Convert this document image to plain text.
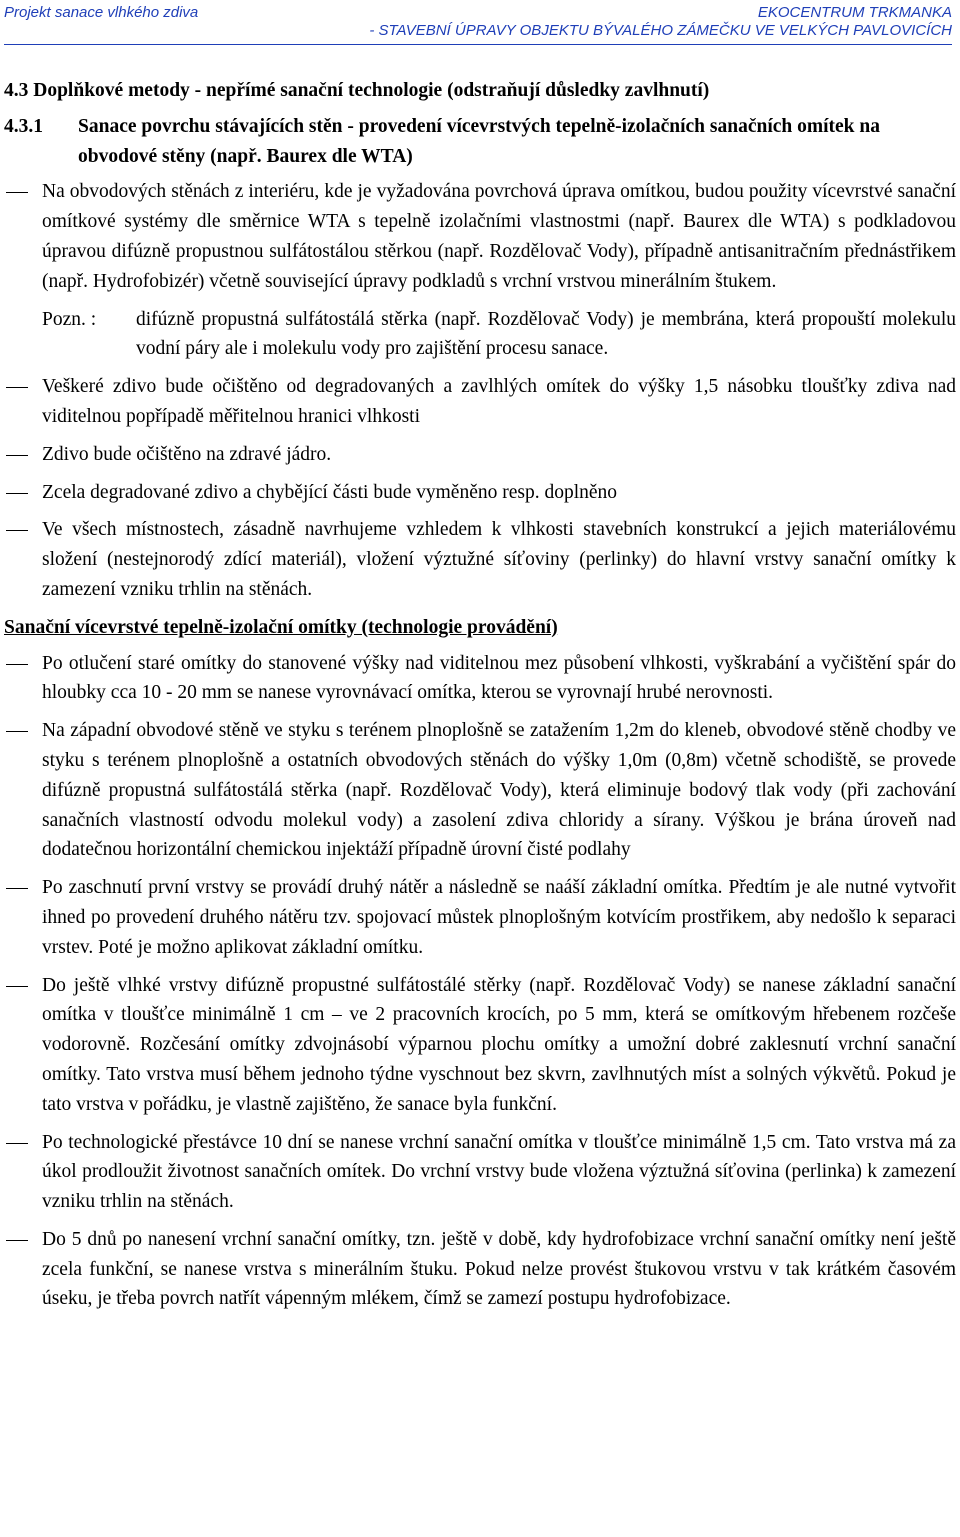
Projekt sanace vlhkého zdiva	EKOCENTRUM TRKMANKA
- STAVEBNÍ ÚPRAVY OBJEKTU BÝVALÉHO ZÁMEČKU VE VELKÝCH PAVLOVICÍCH
4.3 Doplňkové metody - nepřímé sanační technologie (odstraňují důsledky zavlhnutí)
4.3.1	Sanace povrchu stávajících stěn - provedení vícevrstvých tepelně-izolačních sanačních omítek na obvodové stěny (např. Baurex dle WTA)

Na obvodových stěnách z interiéru, kde je vyžadována povrchová úprava omítkou, budou použity vícevrstvé sanační omítkové systémy dle směrnice WTA s tepelně izolačními vlastnostmi (např. Baurex dle WTA) s podkladovou úpravou difúzně propustnou sulfátostálou stěrkou (např. Rozdělovač Vody), případně antisanitračním přednástřikem (např. Hydrofobizér) včetně související úpravy podkladů s vrchní vrstvou minerálním štukem.

Pozn. :	difúzně propustná sulfátostálá stěrka (např. Rozdělovač Vody) je membrána, která propouští molekulu vodní páry ale i molekulu vody pro zajištění procesu sanace.

Veškeré zdivo bude očištěno od degradovaných a zavlhlých omítek do výšky 1,5 násobku tloušťky zdiva nad viditelnou popřípadě měřitelnou hranici vlhkosti

Zdivo bude očištěno na zdravé jádro.

Zcela degradované zdivo a chybějící části bude vyměněno resp. doplněno

Ve všech místnostech, zásadně navrhujeme vzhledem k vlhkosti stavebních konstrukcí a jejich materiálovému složení (nestejnorodý zdící materiál), vložení výztužné síťoviny (perlinky) do hlavní vrstvy sanační omítky k zamezení vzniku trhlin na stěnách.

Sanační vícevrstvé tepelně-izolační omítky (technologie provádění)

Po otlučení staré omítky do stanovené výšky nad viditelnou mez působení vlhkosti, vyškrabání a vyčištění spár do hloubky cca 10 - 20 mm se nanese vyrovnávací omítka, kterou se vyrovnají hrubé nerovnosti.

Na západní obvodové stěně ve styku s terénem plnoplošně se zatažením 1,2m do kleneb, obvodové stěně chodby ve styku s terénem plnoplošně a ostatních obvodových stěnách do výšky 1,0m (0,8m) včetně schodiště, se provede difúzně propustná sulfátostálá stěrka (např. Rozdělovač Vody), která eliminuje bodový tlak vody (při zachování sanačních vlastností odvodu molekul vody) a zasolení zdiva chloridy a sírany. Výškou je brána úroveň nad dodatečnou horizontální chemickou injektáží případně úrovní čisté podlahy

Po zaschnutí první vrstvy se provádí druhý nátěr a následně se naáší základní omítka. Předtím je ale nutné vytvořit ihned po provedení druhého nátěru tzv. spojovací můstek plnoplošným kotvícím prostřikem, aby nedošlo k separaci vrstev. Poté je možno aplikovat základní omítku.

Do ještě vlhké vrstvy difúzně propustné sulfátostálé stěrky (např. Rozdělovač Vody) se nanese základní sanační omítka v tloušťce minimálně 1 cm – ve 2 pracovních krocích, po 5 mm, která se omítkovým hřebenem rozčeše vodorovně. Rozčesání omítky zdvojnásobí výparnou plochu omítky a umožní dobré zaklesnutí vrchní sanační omítky. Tato vrstva musí během jednoho týdne vyschnout bez skvrn, zavlhnutých míst a solných výkvětů. Pokud je tato vrstva v pořádku, je vlastně zajištěno, že sanace byla funkční.

Po technologické přestávce 10 dní se nanese vrchní sanační omítka v tloušťce minimálně 1,5 cm. Tato vrstva má za úkol prodloužit životnost sanačních omítek. Do vrchní vrstvy bude vložena výztužná síťovina (perlinka) k zamezení vzniku trhlin na stěnách.

Do 5 dnů po nanesení vrchní sanační omítky, tzn. ještě v době, kdy hydrofobizace vrchní sanační omítky není ještě zcela funkční, se nanese vrstva s minerálním štuku. Pokud nelze provést štukovou vrstvu v tak krátkém časovém úseku, je třeba povrch natřít vápenným mlékem, čímž se zamezí postupu hydrofobizace.
